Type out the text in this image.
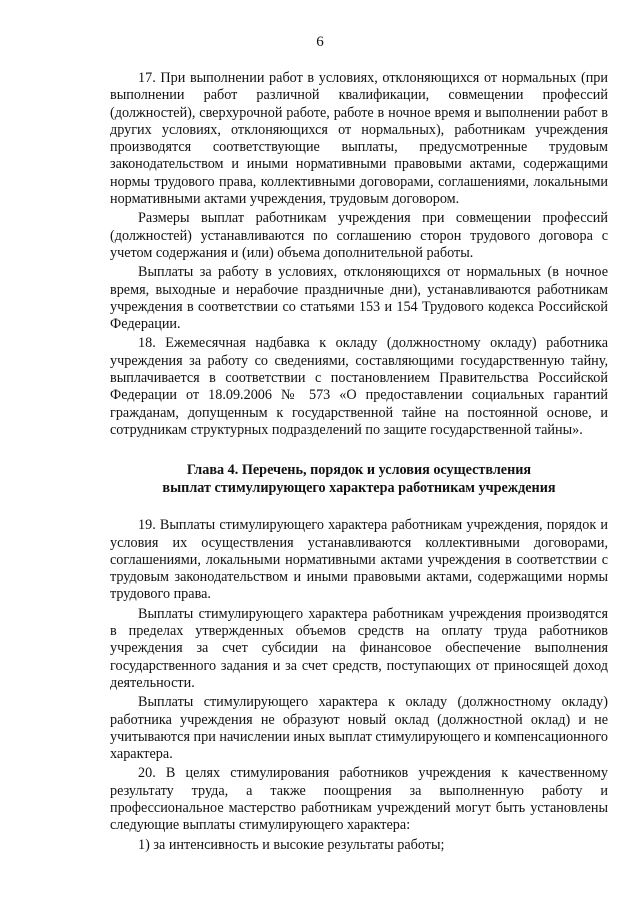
6

17. При выполнении работ в условиях, отклоняющихся от нормальных (при выполнении работ различной квалификации, совмещении профессий (должностей), сверхурочной работе, работе в ночное время и выполнении работ в других условиях, отклоняющихся от нормальных), работникам учреждения производятся соответствующие выплаты, предусмотренные трудовым законодательством и иными нормативными правовыми актами, содержащими нормы трудового права, коллективными договорами, соглашениями, локальными нормативными актами учреждения, трудовым договором.

Размеры выплат работникам учреждения при совмещении профессий (должностей) устанавливаются по соглашению сторон трудового договора с учетом содержания и (или) объема дополнительной работы.

Выплаты за работу в условиях, отклоняющихся от нормальных (в ночное время, выходные и нерабочие праздничные дни), устанавливаются работникам учреждения в соответствии со статьями 153 и 154 Трудового кодекса Российской Федерации.

18. Ежемесячная надбавка к окладу (должностному окладу) работника учреждения за работу со сведениями, составляющими государственную тайну, выплачивается в соответствии с постановлением Правительства Российской Федерации от 18.09.2006 № 573 «О предоставлении социальных гарантий гражданам, допущенным к государственной тайне на постоянной основе, и сотрудникам структурных подразделений по защите государственной тайны».

Глава 4. Перечень, порядок и условия осуществления
выплат стимулирующего характера работникам учреждения

19. Выплаты стимулирующего характера работникам учреждения, порядок и условия их осуществления устанавливаются коллективными договорами, соглашениями, локальными нормативными актами учреждения в соответствии с трудовым законодательством и иными правовыми актами, содержащими нормы трудового права.

Выплаты стимулирующего характера работникам учреждения производятся в пределах утвержденных объемов средств на оплату труда работников учреждения за счет субсидии на финансовое обеспечение выполнения государственного задания и за счет средств, поступающих от приносящей доход деятельности.

Выплаты стимулирующего характера к окладу (должностному окладу) работника учреждения не образуют новый оклад (должностной оклад) и не учитываются при начислении иных выплат стимулирующего и компенсационного характера.

20. В целях стимулирования работников учреждения к качественному результату труда, а также поощрения за выполненную работу и профессиональное мастерство работникам учреждений могут быть установлены следующие выплаты стимулирующего характера:

1) за интенсивность и высокие результаты работы;
